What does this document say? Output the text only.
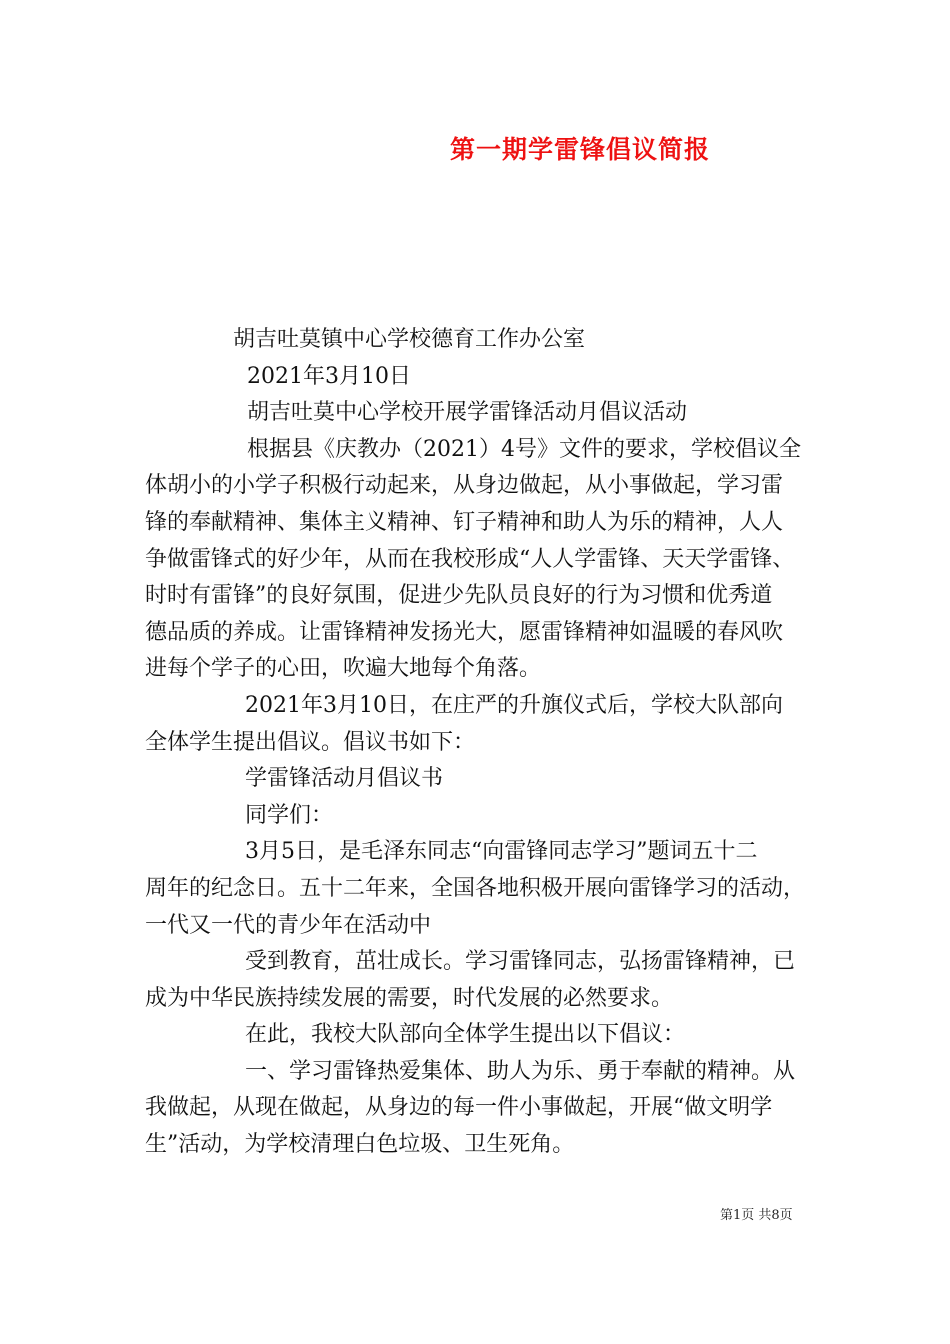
第一期学雷锋倡议简报
胡吉吐莫镇中心学校德育工作办公室
2021年3月10日
胡吉吐莫中心学校开展学雷锋活动月倡议活动
根据县《庆教办（2021）4号》文件的要求，学校倡议全
体胡小的小学子积极行动起来，从身边做起，从小事做起，学习雷
锋的奉献精神、集体主义精神、钉子精神和助人为乐的精神，人人
争做雷锋式的好少年，从而在我校形成“人人学雷锋、天天学雷锋、
时时有雷锋”的良好氛围，促进少先队员良好的行为习惯和优秀道
德品质的养成。让雷锋精神发扬光大，愿雷锋精神如温暖的春风吹
进每个学子的心田，吹遍大地每个角落。
2021年3月10日，在庄严的升旗仪式后，学校大队部向
全体学生提出倡议。倡议书如下：
学雷锋活动月倡议书
同学们：
3月5日，是毛泽东同志“向雷锋同志学习”题词五十二
周年的纪念日。五十二年来，全国各地积极开展向雷锋学习的活动，
一代又一代的青少年在活动中
受到教育，茁壮成长。学习雷锋同志，弘扬雷锋精神，已
成为中华民族持续发展的需要，时代发展的必然要求。
在此，我校大队部向全体学生提出以下倡议：
一、学习雷锋热爱集体、助人为乐、勇于奉献的精神。从
我做起，从现在做起，从身边的每一件小事做起，开展“做文明学
生”活动，为学校清理白色垃圾、卫生死角。
第1页 共8页
